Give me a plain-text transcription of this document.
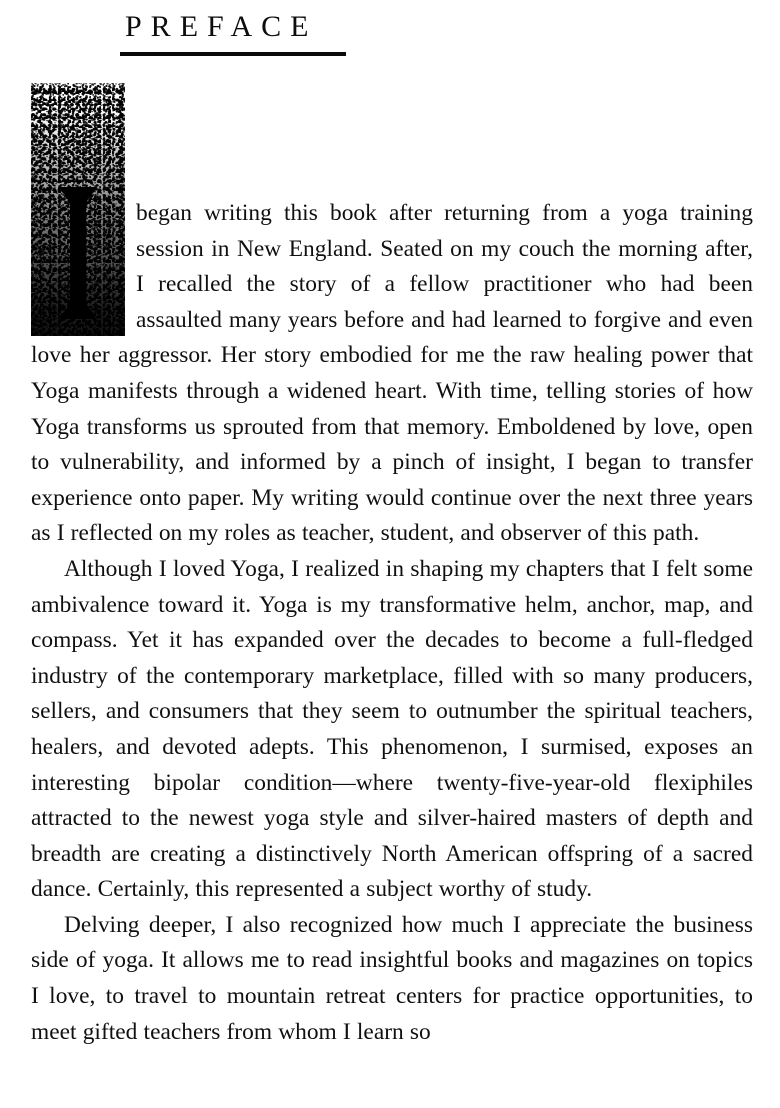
PREFACE

began writing this book after returning from a yoga training session in New England. Seated on my couch the morning after, I recalled the story of a fellow practitioner who had been assaulted many years before and had learned to forgive and even love her aggressor. Her story embodied for me the raw healing power that Yoga manifests through a widened heart. With time, telling stories of how Yoga transforms us sprouted from that memory. Emboldened by love, open to vulnerability, and informed by a pinch of insight, I began to transfer experience onto paper. My writing would continue over the next three years as I reflected on my roles as teacher, student, and observer of this path.

Although I loved Yoga, I realized in shaping my chapters that I felt some ambivalence toward it. Yoga is my transformative helm, anchor, map, and compass. Yet it has expanded over the decades to become a full-fledged industry of the contemporary marketplace, filled with so many producers, sellers, and consumers that they seem to outnumber the spiritual teachers, healers, and devoted adepts. This phenomenon, I surmised, exposes an interesting bipolar condition—where twenty-five-year-old flexiphiles attracted to the newest yoga style and silver-haired masters of depth and breadth are creating a distinctively North American offspring of a sacred dance. Certainly, this represented a subject worthy of study.

Delving deeper, I also recognized how much I appreciate the business side of yoga. It allows me to read insightful books and magazines on topics I love, to travel to mountain retreat centers for practice opportunities, to meet gifted teachers from whom I learn so
